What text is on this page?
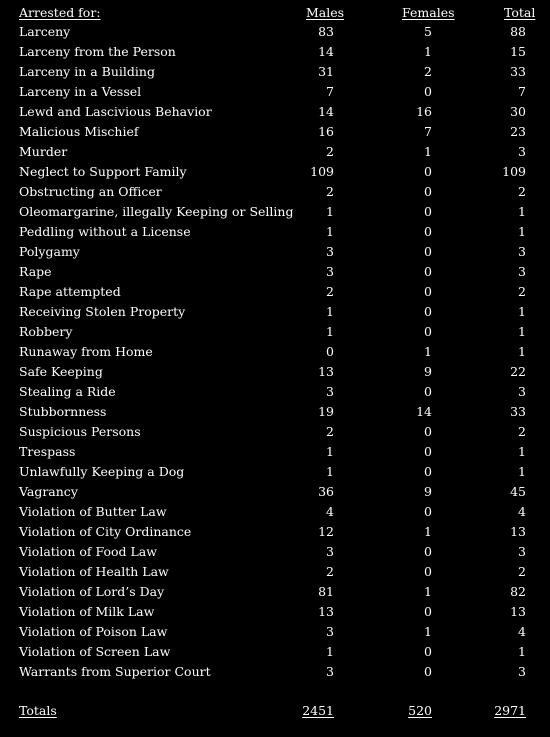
Arrested for:	Males	Females	Total
Larceny	83	5	88
Larceny from the Person	14	1	15
Larceny in a Building	31	2	33
Larceny in a Vessel	7	0	7
Lewd and Lascivious Behavior	14	16	30
Malicious Mischief	16	7	23
Murder	2	1	3
Neglect to Support Family	109	0	109
Obstructing an Officer	2	0	2
Oleomargarine, illegally Keeping or Selling	1	0	1
Peddling without a License	1	0	1
Polygamy	3	0	3
Rape	3	0	3
Rape attempted	2	0	2
Receiving Stolen Property	1	0	1
Robbery	1	0	1
Runaway from Home	0	1	1
Safe Keeping	13	9	22
Stealing a Ride	3	0	3
Stubbornness	19	14	33
Suspicious Persons	2	0	2
Trespass	1	0	1
Unlawfully Keeping a Dog	1	0	1
Vagrancy	36	9	45
Violation of Butter Law	4	0	4
Violation of City Ordinance	12	1	13
Violation of Food Law	3	0	3
Violation of Health Law	2	0	2
Violation of Lord’s Day	81	1	82
Violation of Milk Law	13	0	13
Violation of Poison Law	3	1	4
Violation of Screen Law	1	0	1
Warrants from Superior Court	3	0	3
Totals	2451	520	2971
